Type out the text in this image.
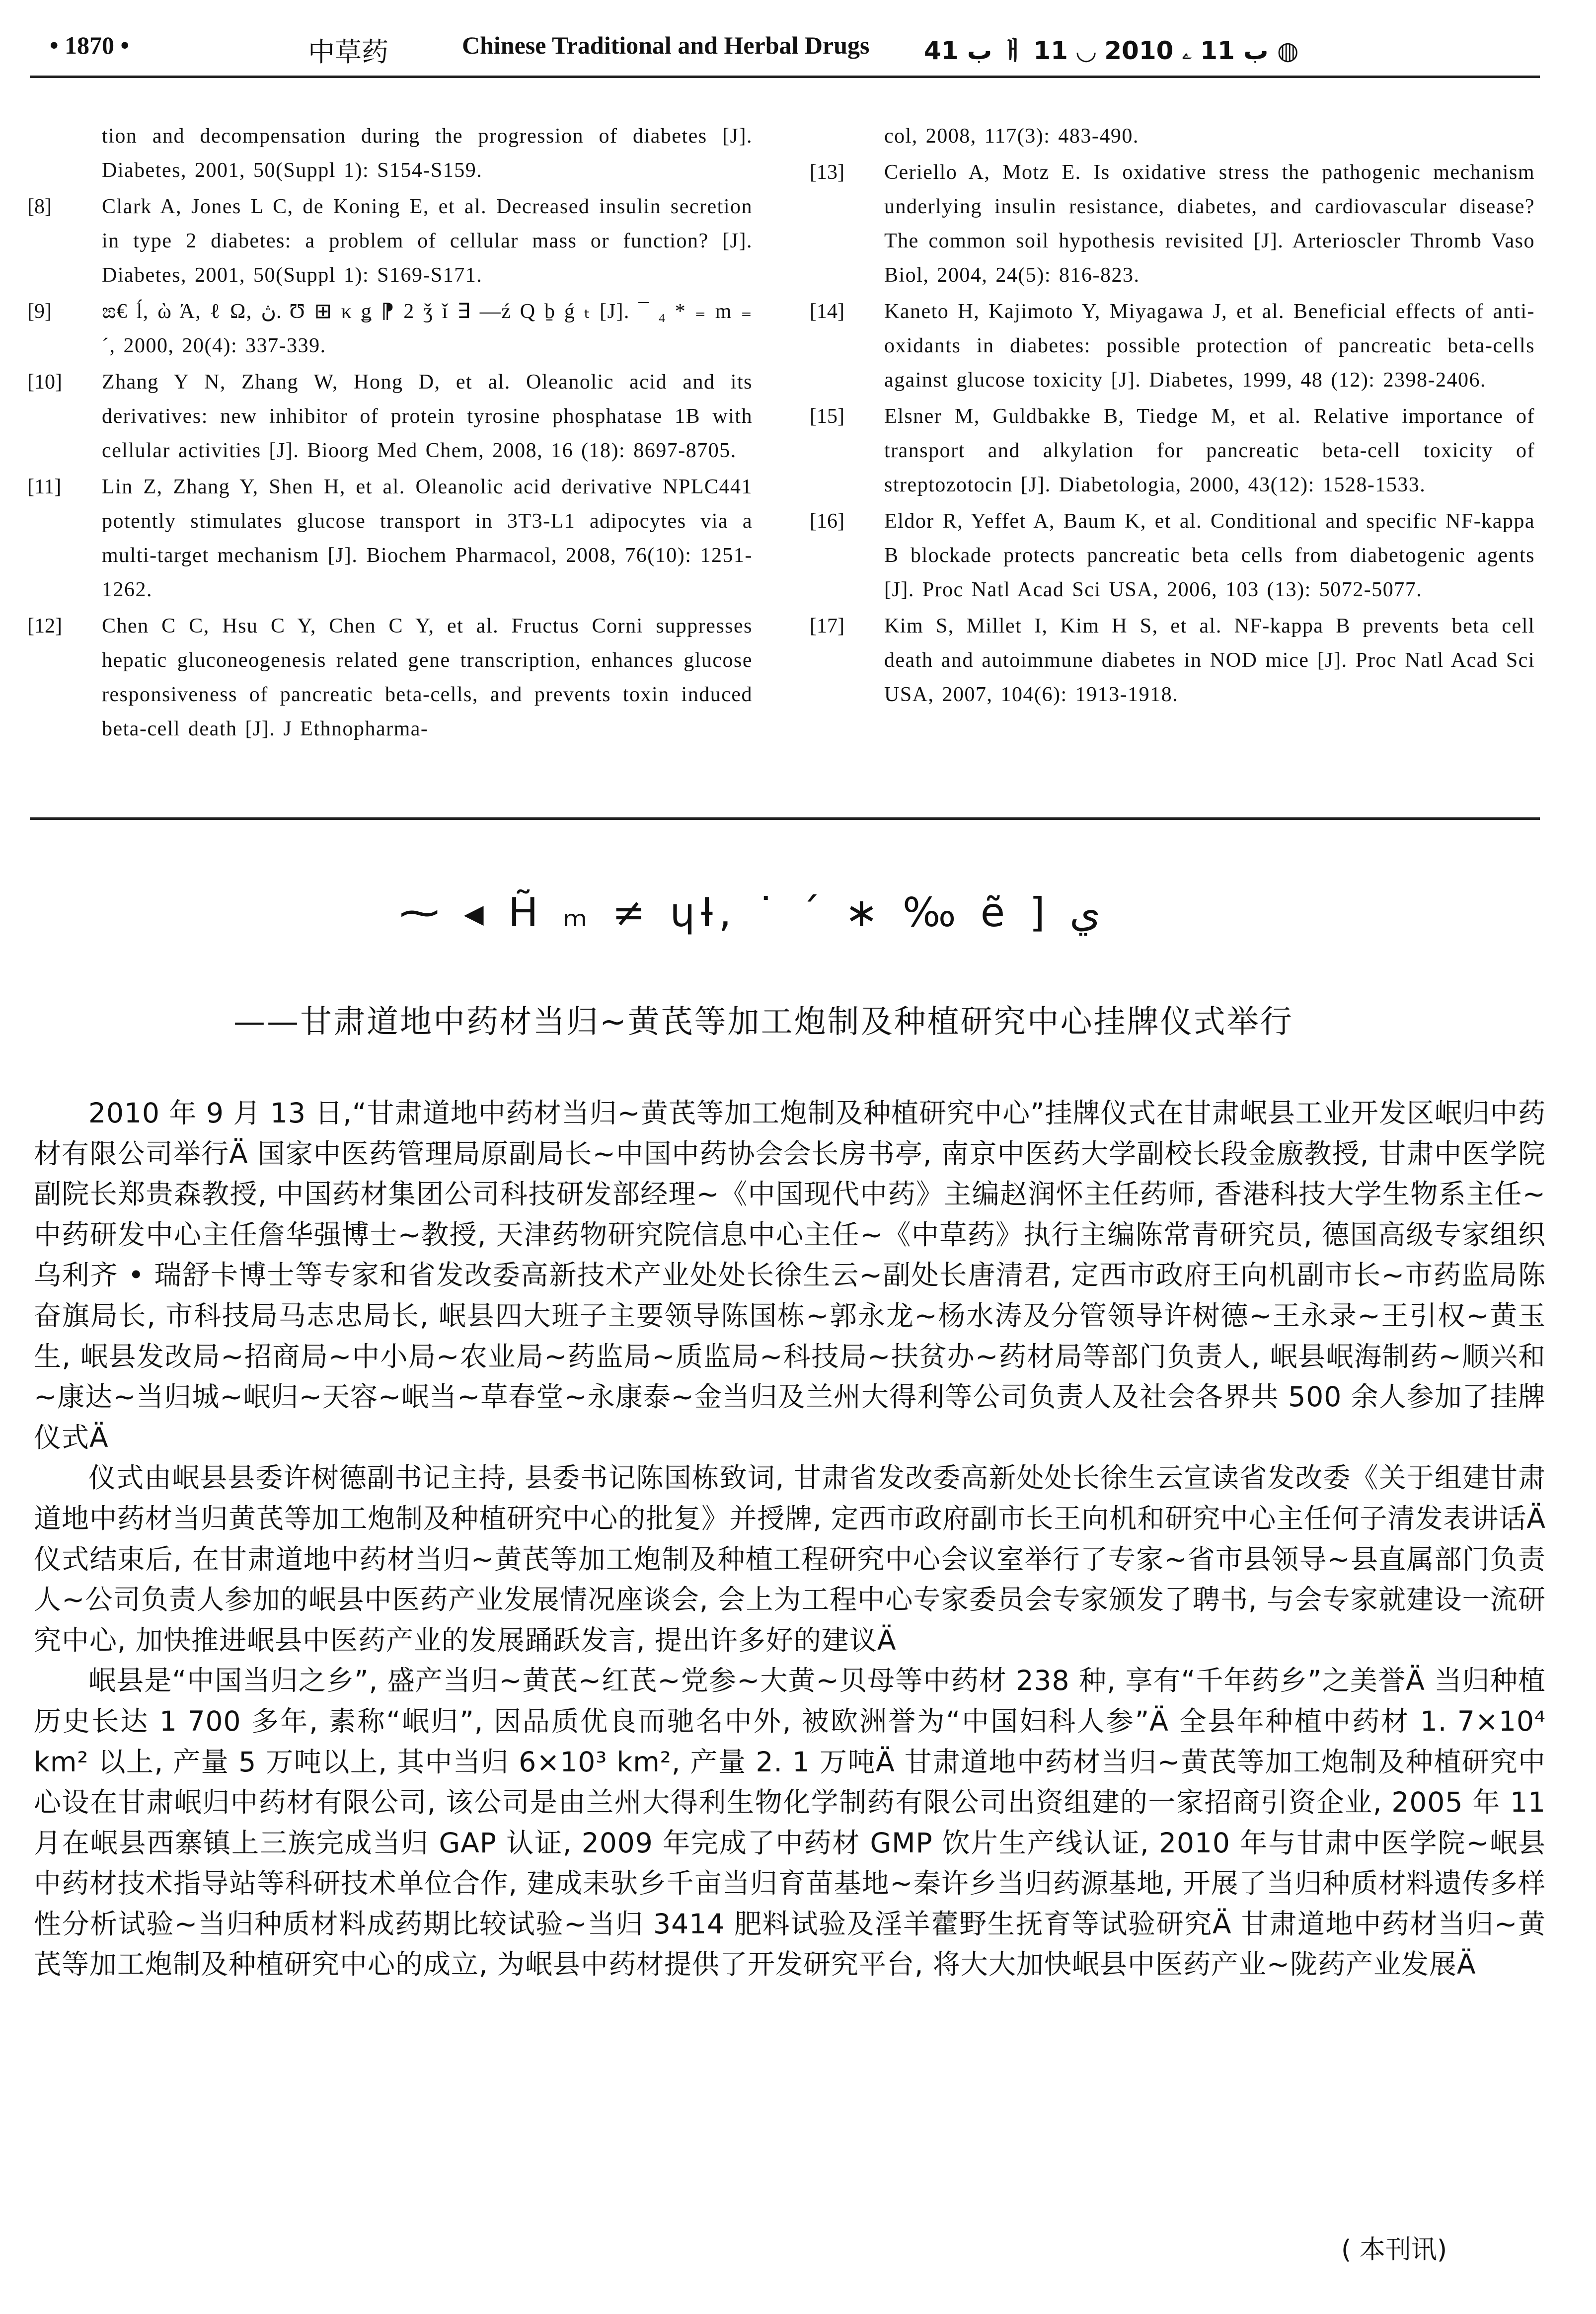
• 1870 •	中草药	Chinese Traditional and Herbal Drugs ب 41 ㅐ ب 11 ۦ 2010 ◡ 11 ◍
tion and decompensation during the progression of diabetes [J]. Diabetes, 2001, 50(Suppl 1): S154-S159.
[8]	Clark A, Jones L C, de Koning E, et al. Decreased insulin secretion in type 2 diabetes: a problem of cellular mass or function? [J]. Diabetes, 2001, 50(Suppl 1): S169-S171.
[9]	ಙ€ ĺ, ὼ Ά, ℓ Ω, ڽ. Ʊ ⊞ κ ǥ ⁋ 2 ǯ ǐ ∃ —ź Q ḇ ǵ ₜ [J]. ¯ ₄ * ₌ m ₌ ˊ, 2000, 20(4): 337-339.
[10]	Zhang Y N, Zhang W, Hong D, et al. Oleanolic acid and its derivatives: new inhibitor of protein tyrosine phosphatase 1B with cellular activities [J]. Bioorg Med Chem, 2008, 16 (18): 8697-8705.
[11]	Lin Z, Zhang Y, Shen H, et al. Oleanolic acid derivative NPLC441 potently stimulates glucose transport in 3T3-L1 adipocytes via a multi-target mechanism [J]. Biochem Pharmacol, 2008, 76(10): 1251-1262.
[12]	Chen C C, Hsu C Y, Chen C Y, et al. Fructus Corni suppresses hepatic gluconeogenesis related gene transcription, enhances glucose responsiveness of pancreatic beta-cells, and prevents toxin induced beta-cell death [J]. J Ethnopharma-
col, 2008, 117(3): 483-490.
[13]	Ceriello A, Motz E. Is oxidative stress the pathogenic mechanism underlying insulin resistance, diabetes, and cardiovascular disease? The common soil hypothesis revisited [J]. Arterioscler Thromb Vaso Biol, 2004, 24(5): 816-823.
[14]	Kaneto H, Kajimoto Y, Miyagawa J, et al. Beneficial effects of anti-oxidants in diabetes: possible protection of pancreatic beta-cells against glucose toxicity [J]. Diabetes, 1999, 48 (12): 2398-2406.
[15]	Elsner M, Guldbakke B, Tiedge M, et al. Relative importance of transport and alkylation for pancreatic beta-cell toxicity of streptozotocin [J]. Diabetologia, 2000, 43(12): 1528-1533.
[16]	Eldor R, Yeffet A, Baum K, et al. Conditional and specific NF-kappa B blockade protects pancreatic beta cells from diabetogenic agents [J]. Proc Natl Acad Sci USA, 2006, 103 (13): 5072-5077.
[17]	Kim S, Millet I, Kim H S, et al. NF-kappa B prevents beta cell death and autoimmune diabetes in NOD mice [J]. Proc Natl Acad Sci USA, 2007, 104(6): 1913-1918.
⁓ ◂ H̃ ₘ ≠ ɥƗ, ˙ ˊ ∗ ‰ ẽ ] ي
——甘肃道地中药材当归~黄芪等加工炮制及种植研究中心挂牌仪式举行

2010 年 9 月 13 日,“甘肃道地中药材当归~黄芪等加工炮制及种植研究中心”挂牌仪式在甘肃岷县工业开发区岷归中药材有限公司举行Ä 国家中医药管理局原副局长~中国中药协会会长房书亭, 南京中医药大学副校长段金廒教授, 甘肃中医学院副院长郑贵森教授, 中国药材集团公司科技研发部经理~《中国现代中药》主编赵润怀主任药师, 香港科技大学生物系主任~中药研发中心主任詹华强博士~教授, 天津药物研究院信息中心主任~《中草药》执行主编陈常青研究员, 德国高级专家组织乌利齐 • 瑞舒卡博士等专家和省发改委高新技术产业处处长徐生云~副处长唐清君, 定西市政府王向机副市长~市药监局陈奋旗局长, 市科技局马志忠局长, 岷县四大班子主要领导陈国栋~郭永龙~杨水涛及分管领导许树德~王永录~王引权~黄玉生, 岷县发改局~招商局~中小局~农业局~药监局~质监局~科技局~扶贫办~药材局等部门负责人, 岷县岷海制药~顺兴和~康达~当归城~岷归~天容~岷当~草春堂~永康泰~金当归及兰州大得利等公司负责人及社会各界共 500 余人参加了挂牌仪式Ä

仪式由岷县县委许树德副书记主持, 县委书记陈国栋致词, 甘肃省发改委高新处处长徐生云宣读省发改委《关于组建甘肃道地中药材当归黄芪等加工炮制及种植研究中心的批复》并授牌, 定西市政府副市长王向机和研究中心主任何子清发表讲话Ä 仪式结束后, 在甘肃道地中药材当归~黄芪等加工炮制及种植工程研究中心会议室举行了专家~省市县领导~县直属部门负责人~公司负责人参加的岷县中医药产业发展情况座谈会, 会上为工程中心专家委员会专家颁发了聘书, 与会专家就建设一流研究中心, 加快推进岷县中医药产业的发展踊跃发言, 提出许多好的建议Ä

岷县是“中国当归之乡”, 盛产当归~黄芪~红芪~党参~大黄~贝母等中药材 238 种, 享有“千年药乡”之美誉Ä 当归种植历史长达 1 700 多年, 素称“岷归”, 因品质优良而驰名中外, 被欧洲誉为“中国妇科人参”Ä 全县年种植中药材 1. 7×10⁴ km² 以上, 产量 5 万吨以上, 其中当归 6×10³ km², 产量 2. 1 万吨Ä 甘肃道地中药材当归~黄芪等加工炮制及种植研究中心设在甘肃岷归中药材有限公司, 该公司是由兰州大得利生物化学制药有限公司出资组建的一家招商引资企业, 2005 年 11 月在岷县西寨镇上三族完成当归 GAP 认证, 2009 年完成了中药材 GMP 饮片生产线认证, 2010 年与甘肃中医学院~岷县中药材技术指导站等科研技术单位合作, 建成耒驮乡千亩当归育苗基地~秦许乡当归药源基地, 开展了当归种质材料遗传多样性分析试验~当归种质材料成药期比较试验~当归 3414 肥料试验及淫羊藿野生抚育等试验研究Ä 甘肃道地中药材当归~黄芪等加工炮制及种植研究中心的成立, 为岷县中药材提供了开发研究平台, 将大大加快岷县中医药产业~陇药产业发展Ä

( 本刊讯)
